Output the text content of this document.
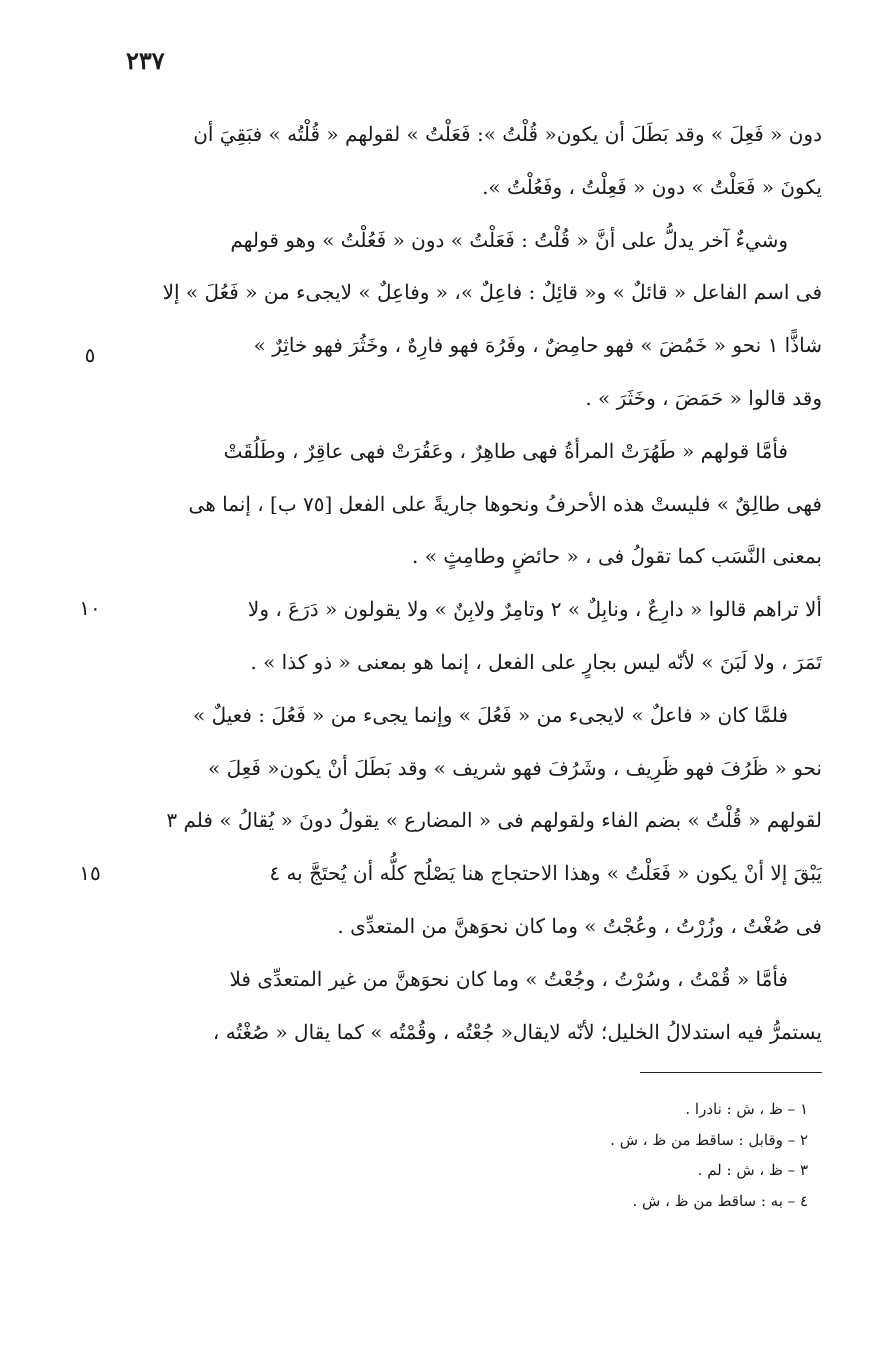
٢٣٧
٥
١٠
١٥
دون « فَعِلَ » وقد بَطَلَ أن يكون« قُلْتُ »: فَعَلْتُ » لقولهم « قُلْتُه » فبَقِيَ أن
يكونَ « فَعَلْتُ » دون « فَعِلْتُ ، وفَعُلْتُ ».
وشيءٌ آخر يدلُّ على أنَّ « قُلْتُ : فَعَلْتُ » دون « فَعُلْتُ » وهو قولهم
فى اسم الفاعل « قائلٌ » و« قائِلٌ : فاعِلٌ »، « وفاعِلٌ » لايجىء من « فَعُلَ » إلا
شاذًّا ١ نحو « خَمُضَ » فهو حامِضٌ ، وفَرُهَ فهو فارِهٌ ، وخَثُرَ فهو خاثِرٌ »
وقد قالوا « حَمَضَ ، وخَثَرَ » .
فأمَّا قولهم « طَهُرَتْ المرأةُ فهى طاهِرٌ ، وعَقُرَتْ فهى عاقِرٌ ، وطَلُقَتْ
فهى طالِقٌ » فليستْ هذه الأحرفُ ونحوها جاريةً على الفعل [٧٥ ب] ، إنما هى
بمعنى النَّسَب كما تقولُ فى ، « حائضٍ وطامِثٍ » .
ألا تراهم قالوا « دارِعٌ ، ونابِلٌ » ٢ وتامِرٌ ولابِنٌ » ولا يقولون « دَرَعَ ، ولا
تَمَرَ ، ولا لَبَنَ » لأنّه ليس بجارٍ على الفعل ، إنما هو بمعنى « ذو كذا » .
فلمَّا كان « فاعلٌ » لايجىء من « فَعُلَ » وإنما يجىء من « فَعُلَ : فعيلٌ »
نحو « ظَرُفَ فهو ظَرِيف ، وشَرُفَ فهو شريف » وقد بَطَلَ أنْ يكون« فَعِلَ »
لقولهم « قُلْتُ » بضم الفاء ولقولهم فى « المضارع » يقولُ دونَ « يُقالُ » فلم ٣
يَبْقَ إلا أنْ يكون « فَعَلْتُ » وهذا الاحتجاج هنا يَصْلُح كلُّه أن يُحتَجَّ به ٤
فى صُغْتُ ، وزُرْتُ ، وعُجْتُ » وما كان نحوَهنَّ من المتعدِّى .
فأمَّا « قُمْتُ ، وسُرْتُ ، وجُعْتُ » وما كان نحوَهنَّ من غير المتعدِّى فلا
يستمرُّ فيه استدلالُ الخليل؛ لأنّه لايقال« جُعْتُه ، وقُمْتُه » كما يقال « صُغْتُه ،
١ – ظ ، ش : نادرا .
٢ – وقابل : ساقط من ظ ، ش .
٣ – ظ ، ش : لم .
٤ – به : ساقط من ظ ، ش .
